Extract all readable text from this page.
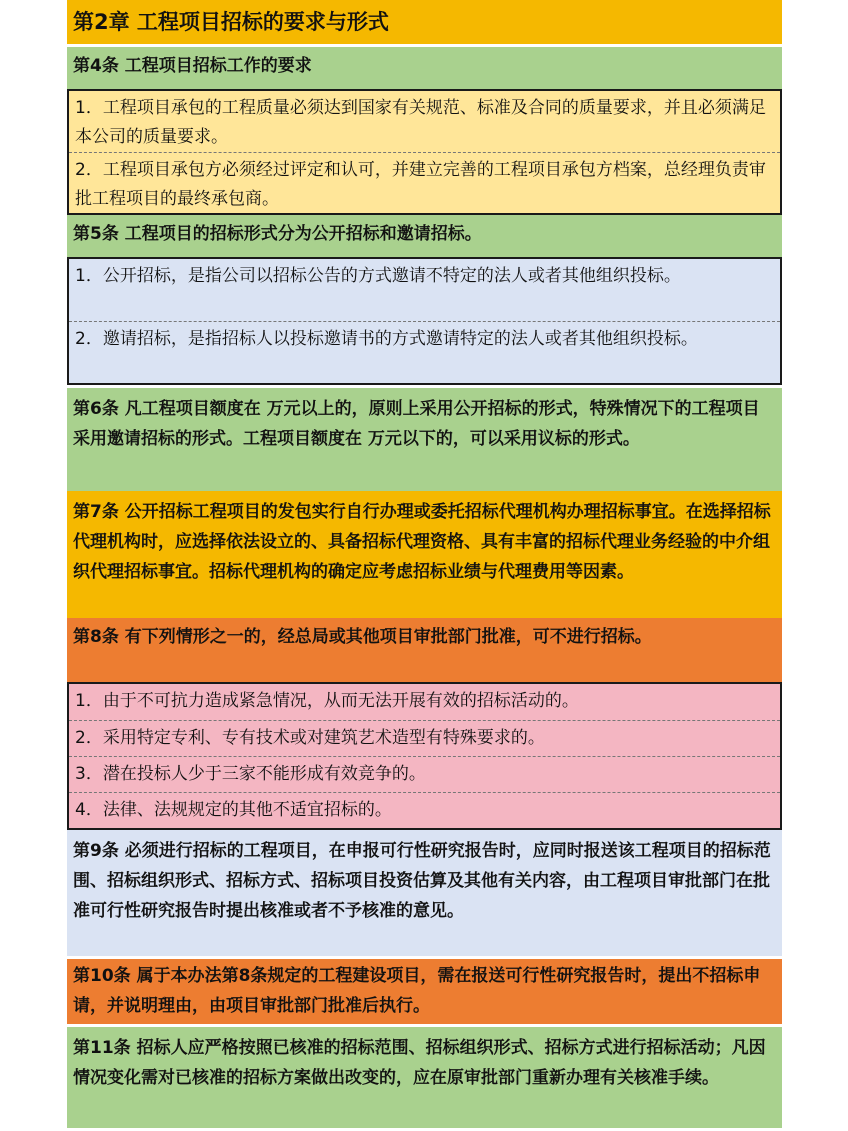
第2章 工程项目招标的要求与形式
第4条 工程项目招标工作的要求
1．工程项目承包的工程质量必须达到国家有关规范、标准及合同的质量要求，并且必须满足本公司的质量要求。
2．工程项目承包方必须经过评定和认可，并建立完善的工程项目承包方档案，总经理负责审批工程项目的最终承包商。
第5条 工程项目的招标形式分为公开招标和邀请招标。
1．公开招标，是指公司以招标公告的方式邀请不特定的法人或者其他组织投标。
2．邀请招标，是指招标人以投标邀请书的方式邀请特定的法人或者其他组织投标。
第6条 凡工程项目额度在 万元以上的，原则上采用公开招标的形式，特殊情况下的工程项目采用邀请招标的形式。工程项目额度在 万元以下的，可以采用议标的形式。
第7条 公开招标工程项目的发包实行自行办理或委托招标代理机构办理招标事宜。在选择招标代理机构时，应选择依法设立的、具备招标代理资格、具有丰富的招标代理业务经验的中介组织代理招标事宜。招标代理机构的确定应考虑招标业绩与代理费用等因素。
第8条 有下列情形之一的，经总局或其他项目审批部门批准，可不进行招标。
1．由于不可抗力造成紧急情况，从而无法开展有效的招标活动的。
2．采用特定专利、专有技术或对建筑艺术造型有特殊要求的。
3．潜在投标人少于三家不能形成有效竞争的。
4．法律、法规规定的其他不适宜招标的。
第9条 必须进行招标的工程项目，在申报可行性研究报告时，应同时报送该工程项目的招标范围、招标组织形式、招标方式、招标项目投资估算及其他有关内容，由工程项目审批部门在批准可行性研究报告时提出核准或者不予核准的意见。
第10条 属于本办法第8条规定的工程建设项目，需在报送可行性研究报告时，提出不招标申请，并说明理由，由项目审批部门批准后执行。
第11条 招标人应严格按照已核准的招标范围、招标组织形式、招标方式进行招标活动；凡因情况变化需对已核准的招标方案做出改变的，应在原审批部门重新办理有关核准手续。
